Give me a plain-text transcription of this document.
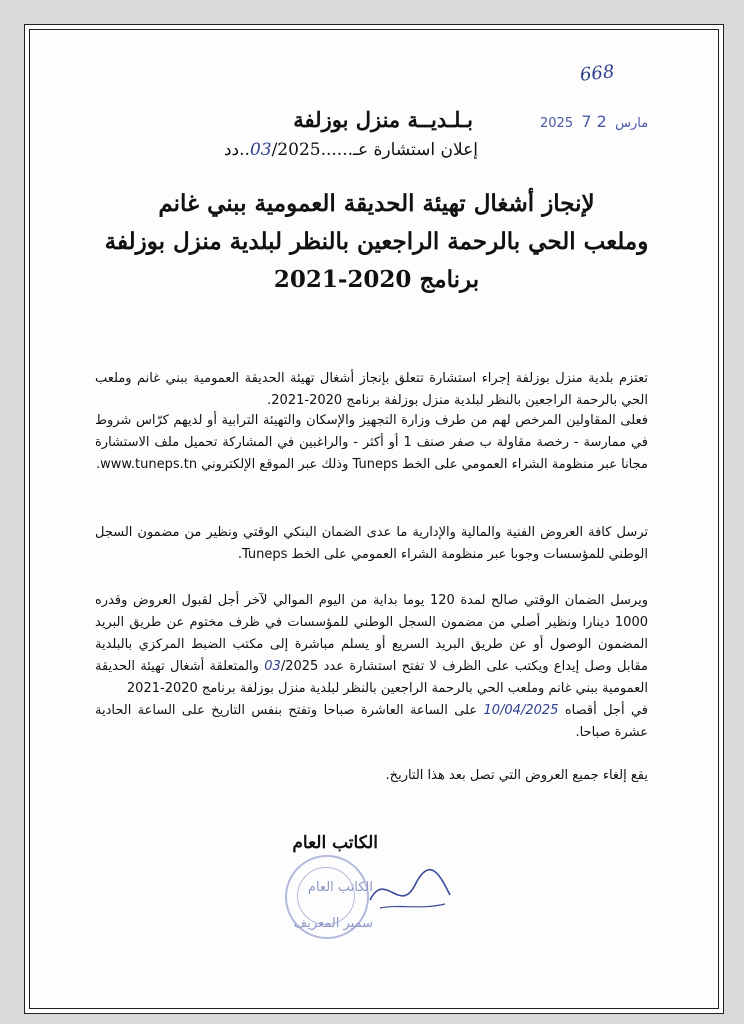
668
2025	مارس  2 7
بـلـديــة منزل بوزلفة
إعلان استشارة عـ......03/2025..دد
لإنجاز أشغال تهيئة الحديقة العمومية ببني غانم
وملعب الحي بالرحمة الراجعين بالنظر لبلدية منزل بوزلفة
برنامج 2020-2021
تعتزم بلدية منزل بوزلفة إجراء استشارة تتعلق بإنجاز أشغال تهيئة الحديقة العمومية ببني غانم وملعب الحي بالرحمة الراجعين بالنظر لبلدية منزل بوزلفة برنامج 2020-2021.
فعلى المقاولين المرخص لهم من طرف وزارة التجهيز والإسكان والتهيئة الترابية أو لديهم كرّاس شروط في ممارسة - رخصة مقاولة ب صفر صنف 1 أو أكثر - والراغبين في المشاركة تحميل ملف الاستشارة مجانا عبر منظومة الشراء العمومي على الخط Tuneps وذلك عبر الموقع الإلكتروني www.tuneps.tn.
ترسل كافة العروض الفنية والمالية والإدارية ما عدى الضمان البنكي الوقتي ونظير من مضمون السجل الوطني للمؤسسات وجوبا عبر منظومة الشراء العمومي على الخط Tuneps.
ويرسل الضمان الوقتي صالح لمدة 120 يوما بداية من اليوم الموالي لآخر أجل لقبول العروض وقدره 1000 دينارا ونظير أصلي من مضمون السجل الوطني للمؤسسات في ظرف مختوم عن طريق البريد المضمون الوصول أو عن طريق البريد السريع أو يسلم مباشرة إلى مكتب الضبط المركزي بالبلدية مقابل وصل إيداع ويكتب على الظرف لا تفتح استشارة عدد 03/2025 والمتعلقة أشغال تهيئة الحديقة العمومية ببني غانم وملعب الحي بالرحمة الراجعين بالنظر لبلدية منزل بوزلفة برنامج 2020-2021
في أجل أقصاه 10/04/2025 على الساعة العاشرة صباحا وتفتح بنفس التاريخ على الساعة الحادية عشرة صباحا.
يقع إلغاء جميع العروض التي تصل بعد هذا التاريخ.
الكاتب العام
الكاتب العام
سمير المعريف
